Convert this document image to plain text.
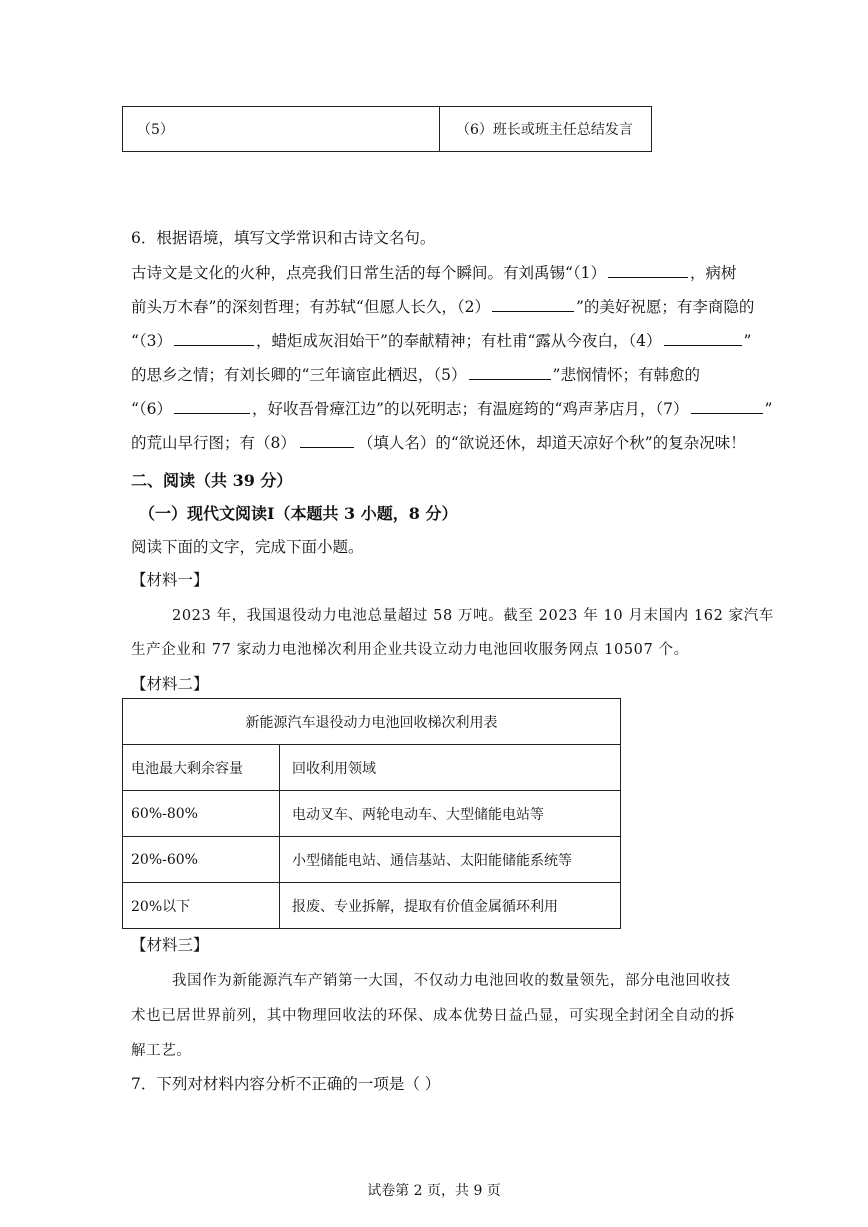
（5）	（6）班长或班主任总结发言
6．根据语境，填写文学常识和古诗文名句。
古诗文是文化的火种，点亮我们日常生活的每个瞬间。有刘禹锡“（1）	，病树
前头万木春”的深刻哲理；有苏轼“但愿人长久，（2）	”的美好祝愿；有李商隐的
“（3）	，蜡炬成灰泪始干”的奉献精神；有杜甫“露从今夜白，（4）	”
的思乡之情；有刘长卿的“三年谪宦此栖迟，（5）	”悲悯情怀；有韩愈的
“（6）	，好收吾骨瘴江边”的以死明志；有温庭筠的“鸡声茅店月，（7）	”
的荒山早行图；有（8）	（填人名）的“欲说还休，却道天凉好个秋”的复杂况味！
二、阅读（共 39 分）
（一）现代文阅读I（本题共 3 小题，8 分）
阅读下面的文字，完成下面小题。
【材料一】
2023 年，我国退役动力电池总量超过 58 万吨。截至 2023 年 10 月末国内 162 家汽车
生产企业和 77 家动力电池梯次利用企业共设立动力电池回收服务网点 10507 个。
【材料二】
新能源汽车退役动力电池回收梯次利用表	
电池最大剩余容量	回收利用领域
60%-80%	电动叉车、两轮电动车、大型储能电站等
20%-60%	小型储能电站、通信基站、太阳能储能系统等
20%以下	报废、专业拆解，提取有价值金属循环利用
【材料三】
我国作为新能源汽车产销第一大国，不仅动力电池回收的数量领先，部分电池回收技
术也已居世界前列，其中物理回收法的环保、成本优势日益凸显，可实现全封闭全自动的拆
解工艺。
7．下列对材料内容分析不正确的一项是（ ）
试卷第 2 页，共 9 页
